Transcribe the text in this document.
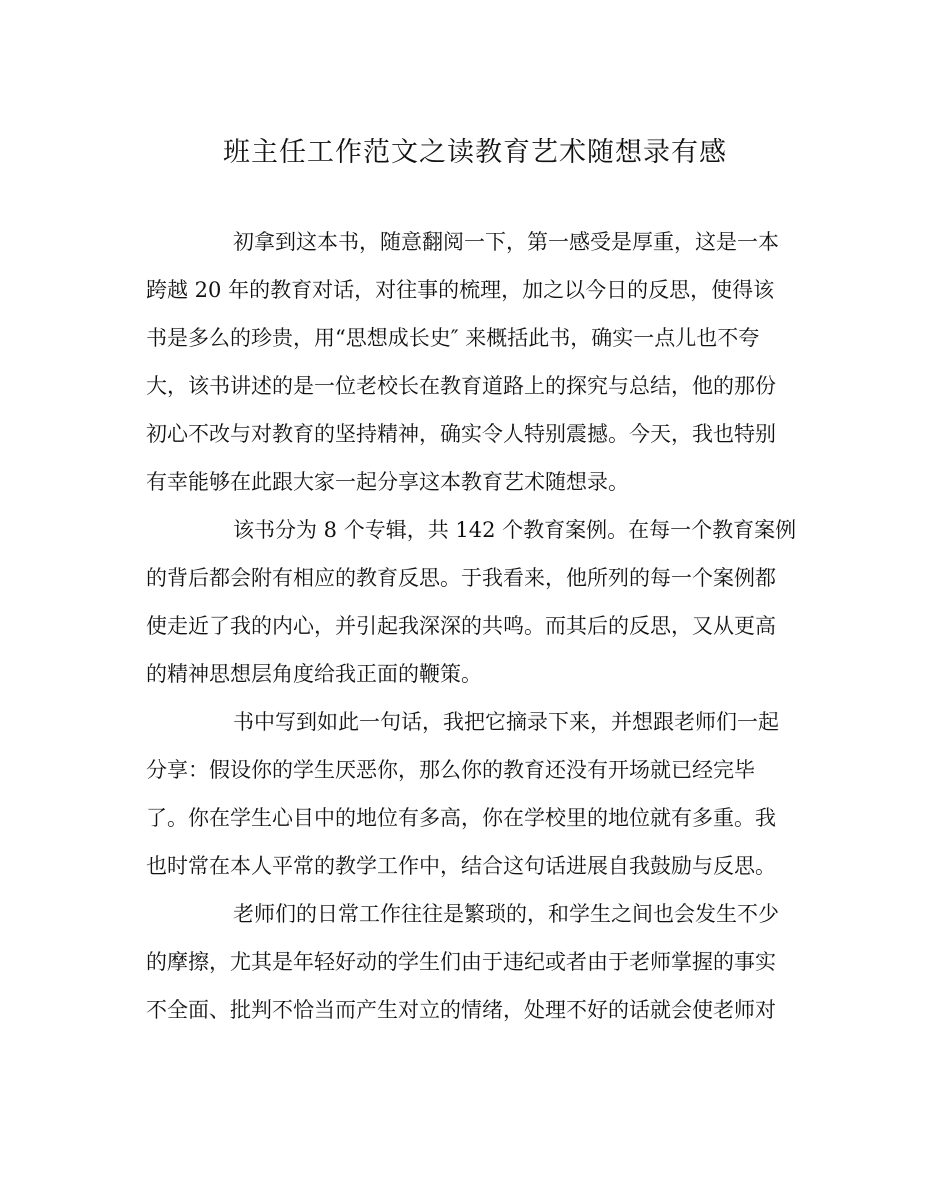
班主任工作范文之读教育艺术随想录有感
初拿到这本书，随意翻阅一下，第一感受是厚重，这是一本
跨越 20 年的教育对话，对往事的梳理，加之以今日的反思，使得该
书是多么的珍贵，用“思想成长史″ 来概括此书，确实一点儿也不夸
大，该书讲述的是一位老校长在教育道路上的探究与总结，他的那份
初心不改与对教育的坚持精神，确实令人特别震撼。今天，我也特别
有幸能够在此跟大家一起分享这本教育艺术随想录。
该书分为 8 个专辑，共 142 个教育案例。在每一个教育案例
的背后都会附有相应的教育反思。于我看来，他所列的每一个案例都
使走近了我的内心，并引起我深深的共鸣。而其后的反思，又从更高
的精神思想层角度给我正面的鞭策。
书中写到如此一句话，我把它摘录下来，并想跟老师们一起
分享：假设你的学生厌恶你，那么你的教育还没有开场就已经完毕
了。你在学生心目中的地位有多高，你在学校里的地位就有多重。我
也时常在本人平常的教学工作中，结合这句话进展自我鼓励与反思。
老师们的日常工作往往是繁琐的，和学生之间也会发生不少
的摩擦，尤其是年轻好动的学生们由于违纪或者由于老师掌握的事实
不全面、批判不恰当而产生对立的情绪，处理不好的话就会使老师对
